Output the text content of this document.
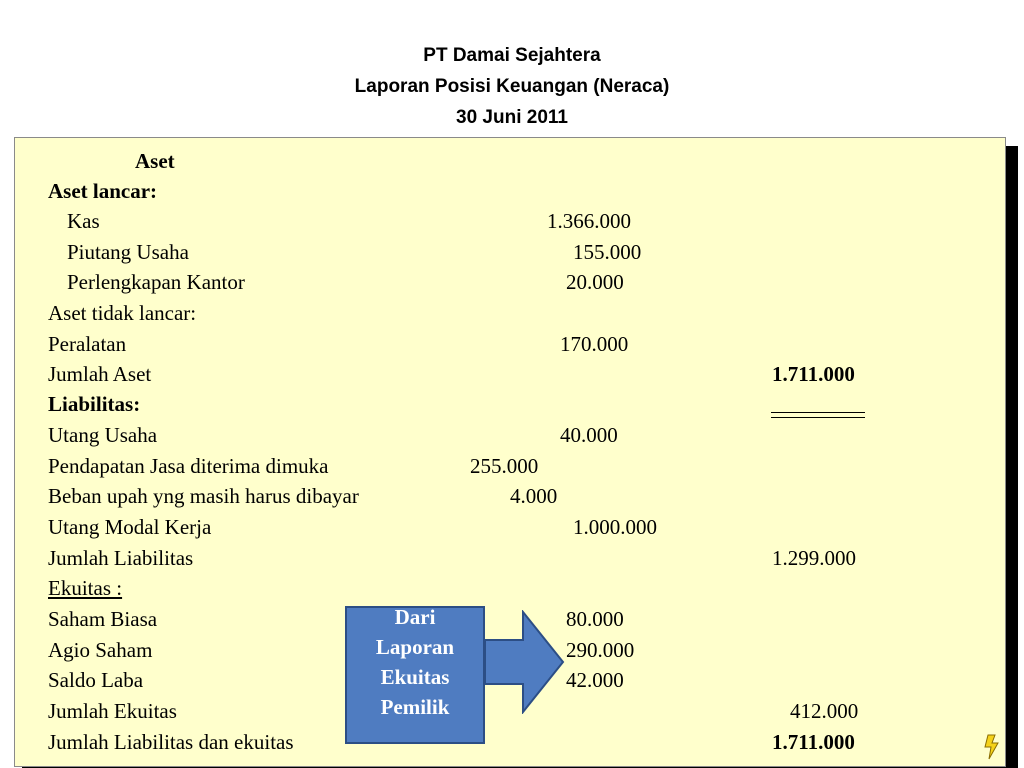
PT Damai Sejahtera
Laporan Posisi Keuangan (Neraca)
30 Juni 2011
Aset
Aset lancar:
Kas	1.366.000
Piutang Usaha	155.000
Perlengkapan Kantor	20.000
Aset tidak lancar:
Peralatan	170.000
Jumlah Aset	1.711.000
Liabilitas:
Utang Usaha	40.000
Pendapatan Jasa diterima dimuka	255.000
Beban upah yng masih harus dibayar	4.000
Utang Modal Kerja	1.000.000
Jumlah Liabilitas	1.299.000
Ekuitas :
Saham Biasa	80.000
Agio Saham	290.000
Saldo Laba	42.000
Jumlah Ekuitas	412.000
Jumlah Liabilitas dan ekuitas	1.711.000
Dari
Laporan
Ekuitas
Pemilik
